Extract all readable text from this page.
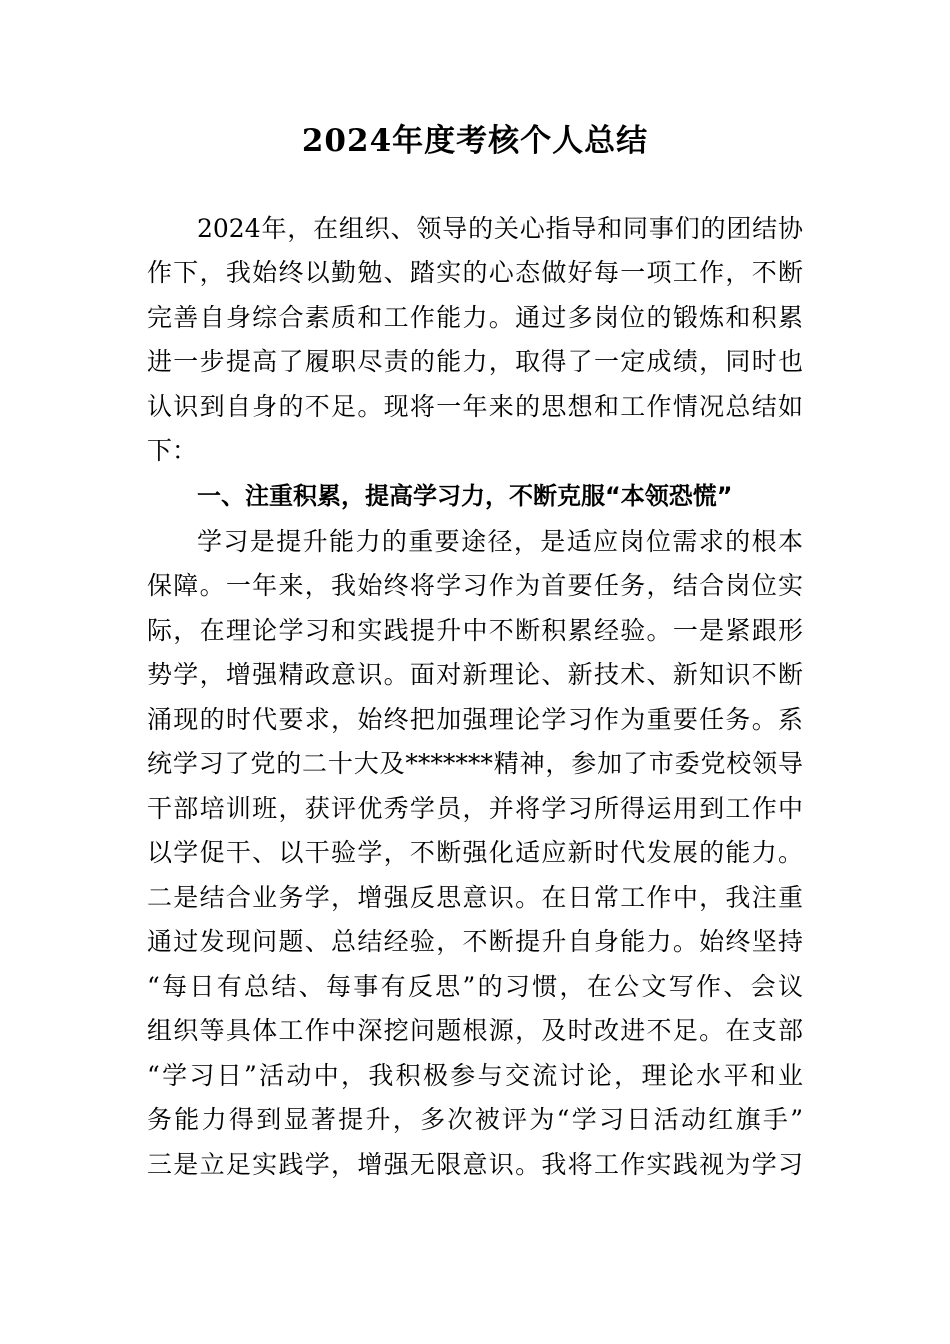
2024年度考核个人总结
2024年，在组织、领导的关心指导和同事们的团结协
作下，我始终以勤勉、踏实的心态做好每一项工作，不断
完善自身综合素质和工作能力。通过多岗位的锻炼和积累
进一步提高了履职尽责的能力，取得了一定成绩，同时也
认识到自身的不足。现将一年来的思想和工作情况总结如
下：
一、注重积累，提高学习力，不断克服“本领恐慌”
学习是提升能力的重要途径，是适应岗位需求的根本
保障。一年来，我始终将学习作为首要任务，结合岗位实
际，在理论学习和实践提升中不断积累经验。一是紧跟形
势学，增强精政意识。面对新理论、新技术、新知识不断
涌现的时代要求，始终把加强理论学习作为重要任务。系
统学习了党的二十大及*******精神，参加了市委党校领导
干部培训班，获评优秀学员，并将学习所得运用到工作中
以学促干、以干验学，不断强化适应新时代发展的能力。
二是结合业务学，增强反思意识。在日常工作中，我注重
通过发现问题、总结经验，不断提升自身能力。始终坚持
“每日有总结、每事有反思”的习惯，在公文写作、会议
组织等具体工作中深挖问题根源，及时改进不足。在支部
“学习日”活动中，我积极参与交流讨论，理论水平和业
务能力得到显著提升，多次被评为“学习日活动红旗手”
三是立足实践学，增强无限意识。我将工作实践视为学习
